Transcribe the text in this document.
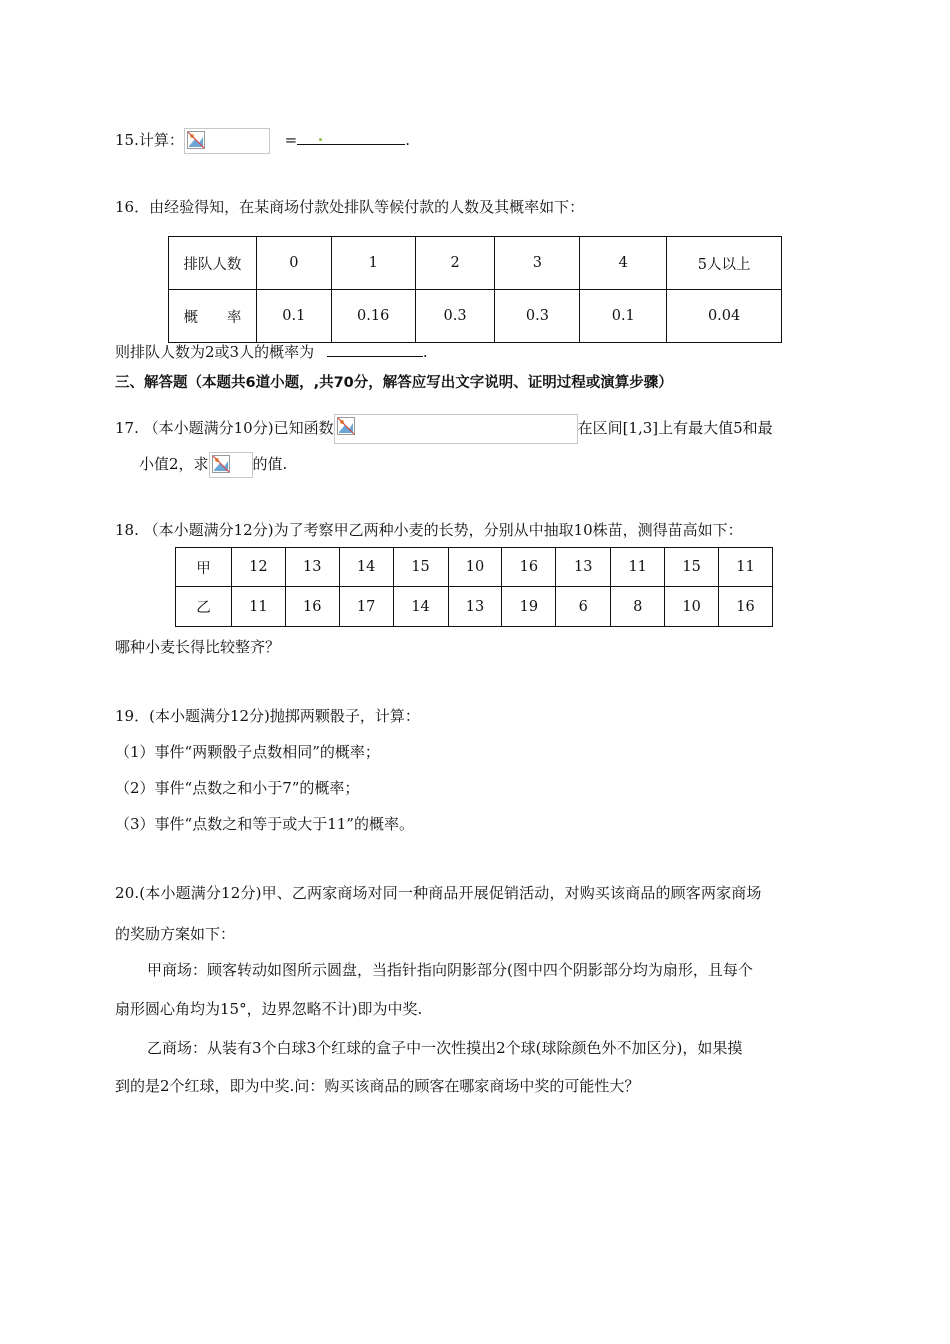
15.计算：	=	.
16．由经验得知，在某商场付款处排队等候付款的人数及其概率如下：
排队人数	0	1	2	3	4	5人以上
概　　率	0.1	0.16	0.3	0.3	0.1	0.04
则排队人数为2或3人的概率为	.
三、解答题（本题共6道小题，,共70分，解答应写出文字说明、证明过程或演算步骤）
17. （本小题满分10分)已知函数	在区间[1,3]上有最大值5和最
小值2，求	的值.
18. （本小题满分12分)为了考察甲乙两种小麦的长势，分别从中抽取10株苗，测得苗高如下：
甲	12	13	14	15	10	16	13	11	15	11
乙	11	16	17	14	13	19	6	8	10	16
哪种小麦长得比较整齐？
19．(本小题满分12分)抛掷两颗骰子，计算：
（1）事件“两颗骰子点数相同”的概率；
（2）事件“点数之和小于7”的概率；
（3）事件“点数之和等于或大于11”的概率。
20.(本小题满分12分)甲、乙两家商场对同一种商品开展促销活动，对购买该商品的顾客两家商场
的奖励方案如下：
甲商场：顾客转动如图所示圆盘，当指针指向阴影部分(图中四个阴影部分均为扇形，且每个
扇形圆心角均为15°，边界忽略不计)即为中奖.
乙商场：从装有3个白球3个红球的盒子中一次性摸出2个球(球除颜色外不加区分)，如果摸
到的是2个红球，即为中奖.问：购买该商品的顾客在哪家商场中奖的可能性大？
